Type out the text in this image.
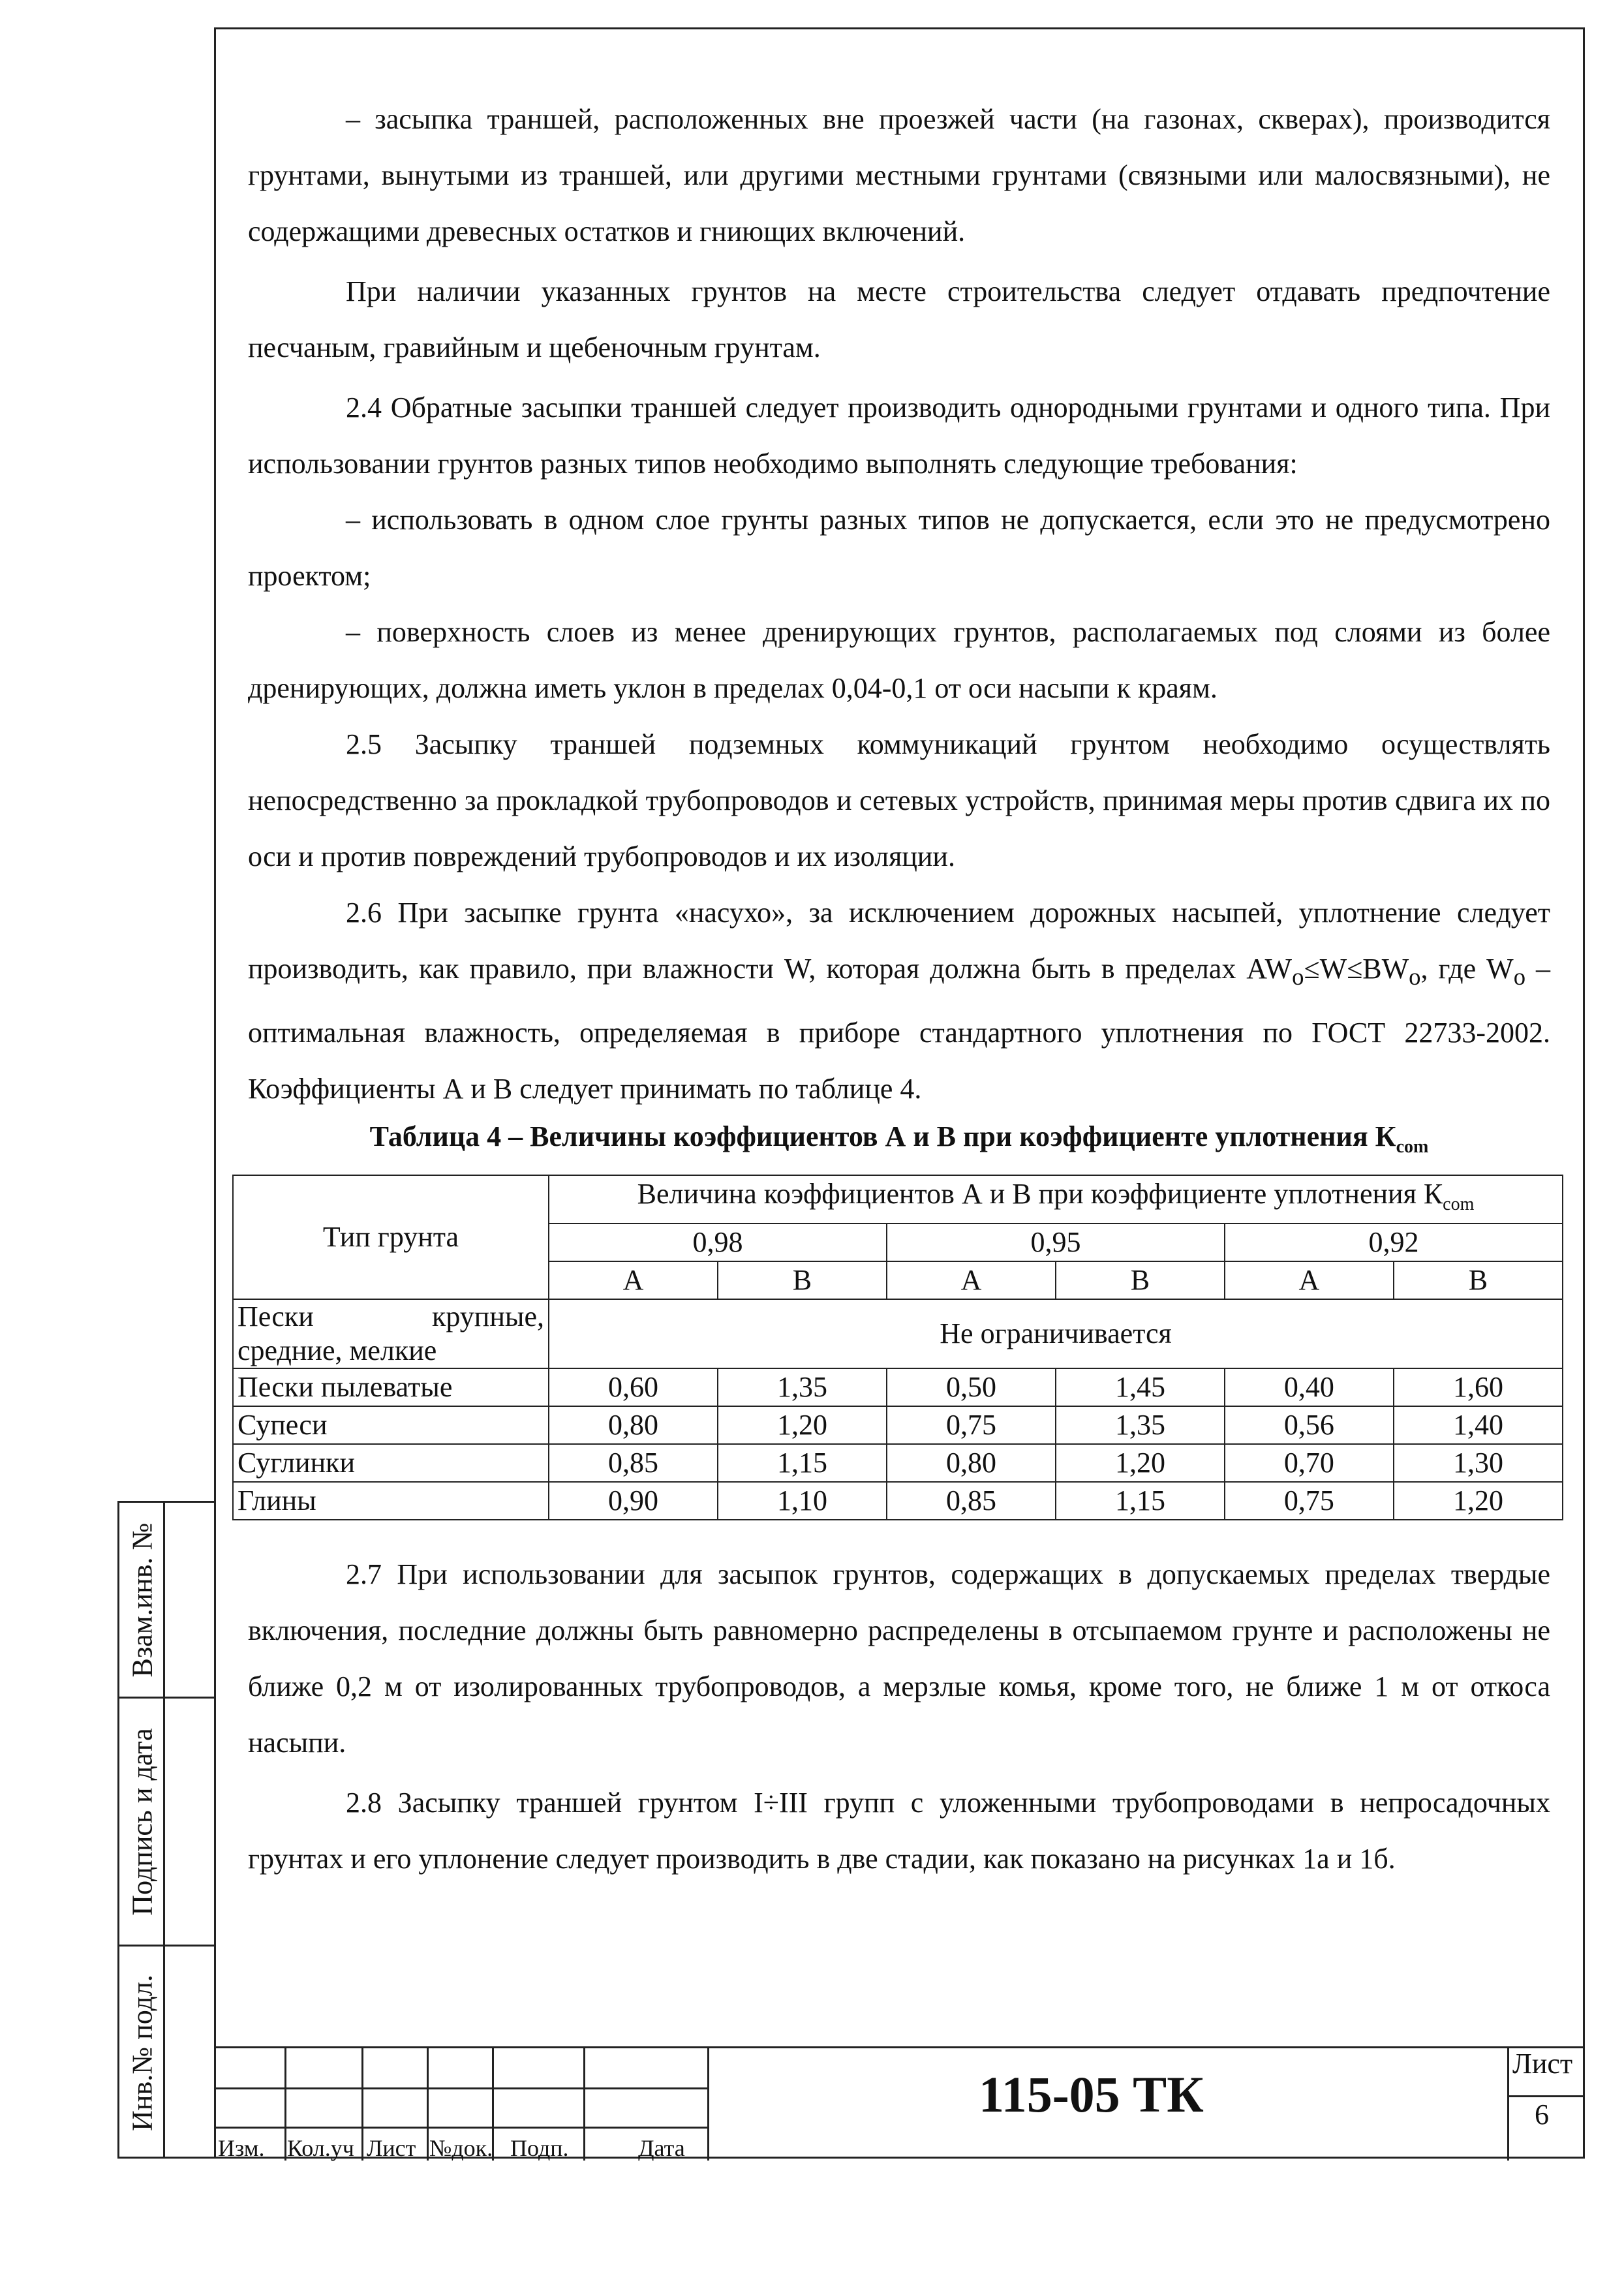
Взам.инв. №
Подпись и дата
Инв.№ подл.

– засыпка траншей, расположенных вне проезжей части (на газонах, скверах), производится грунтами, вынутыми из траншей, или другими местными грунтами (связными или малосвязными), не содержащими древесных остатков и гниющих включений.

При наличии указанных грунтов на месте строительства следует отдавать предпочтение песчаным, гравийным и щебеночным грунтам.

2.4 Обратные засыпки траншей следует производить однородными грунтами и одного типа. При использовании грунтов разных типов необходимо выполнять следующие требования:

– использовать в одном слое грунты разных типов не допускается, если это не предусмотрено проектом;

– поверхность слоев из менее дренирующих грунтов, располагаемых под слоями из более дренирующих, должна иметь уклон в пределах 0,04-0,1 от оси насыпи к краям.

2.5 Засыпку траншей подземных коммуникаций грунтом необходимо осуществлять непосредственно за прокладкой трубопроводов и сетевых устройств, принимая меры против сдвига их по оси и против повреждений трубопроводов и их изоляции.

2.6 При засыпке грунта «насухо», за исключением дорожных насыпей, уплотнение следует производить, как правило, при влажности W, которая должна быть в пределах $AW_o\le W\le BW_o$, где $W_o$ – оптимальная влажность, определяемая в приборе стандартного уплотнения по ГОСТ 22733-2002. Коэффициенты А и В следует принимать по таблице 4.

Таблица 4 – Величины коэффициентов А и В при коэффициенте уплотнения $К_{com}$
Тип грунта	Величина коэффициентов А и В при коэффициенте уплотнения $К_{com}$
	0,98		0,95		0,92	
	А	В	А	В	А	В
Пески крупные, средние, мелкие	Не ограничивается					
Пески пылеватые	0,60	1,35	0,50	1,45	0,40	1,60
Супеси	0,80	1,20	0,75	1,35	0,56	1,40
Суглинки	0,85	1,15	0,80	1,20	0,70	1,30
Глины	0,90	1,10	0,85	1,15	0,75	1,20

2.7 При использовании для засыпок грунтов, содержащих в допускаемых пределах твердые включения, последние должны быть равномерно распределены в отсыпаемом грунте и расположены не ближе 0,2 м от изолированных трубопроводов, а мерзлые комья, кроме того, не ближе 1 м от откоса насыпи.

2.8 Засыпку траншей грунтом I÷III групп с уложенными трубопроводами в непросадочных грунтах и его уплонение следует производить в две стадии, как показано на рисунках 1а и 1б.

Изм. Кол.уч Лист №док. Подп.	Дата
115-05 ТК
Лист
6
